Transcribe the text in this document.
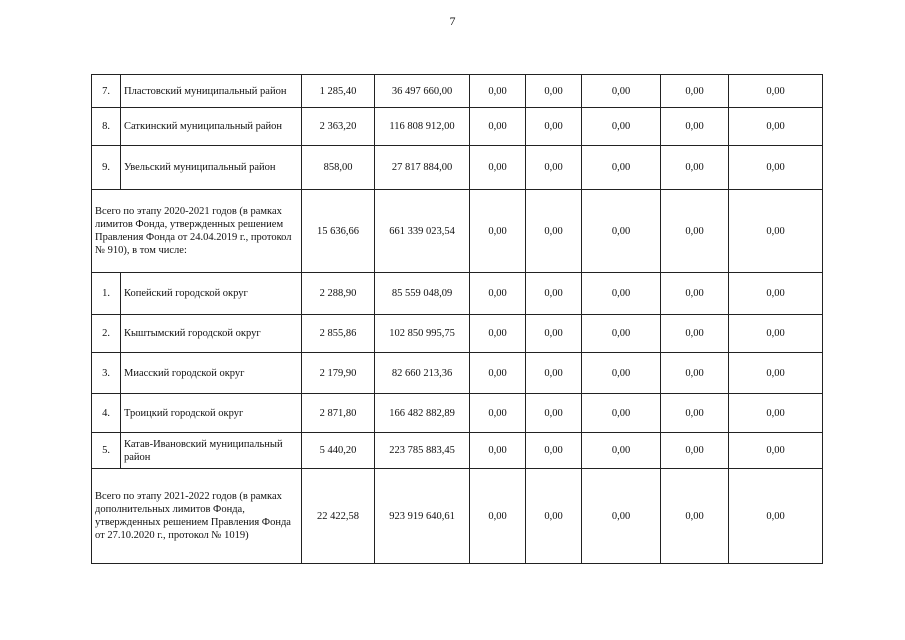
7
7.	Пластовский муниципальный район	1 285,40	36 497 660,00	0,00	0,00	0,00	0,00	0,00
8.	Саткинский муниципальный район	2 363,20	116 808 912,00	0,00	0,00	0,00	0,00	0,00
9.	Увельский муниципальный район	858,00	27 817 884,00	0,00	0,00	0,00	0,00	0,00
Всего по этапу 2020-2021 годов (в рамках лимитов Фонда, утвержденных решением Правления Фонда от 24.04.2019 г., протокол № 910), в том числе:		15 636,66	661 339 023,54	0,00	0,00	0,00	0,00	0,00
1.	Копейский городской округ	2 288,90	85 559 048,09	0,00	0,00	0,00	0,00	0,00
2.	Кыштымский городской округ	2 855,86	102 850 995,75	0,00	0,00	0,00	0,00	0,00
3.	Миасский городской округ	2 179,90	82 660 213,36	0,00	0,00	0,00	0,00	0,00
4.	Троицкий городской округ	2 871,80	166 482 882,89	0,00	0,00	0,00	0,00	0,00
5.	Катав-Ивановский муниципальный район	5 440,20	223 785 883,45	0,00	0,00	0,00	0,00	0,00
Всего по этапу 2021-2022 годов (в рамках дополнительных лимитов Фонда, утвержденных решением Правления Фонда от 27.10.2020 г., протокол № 1019)		22 422,58	923 919 640,61	0,00	0,00	0,00	0,00	0,00
